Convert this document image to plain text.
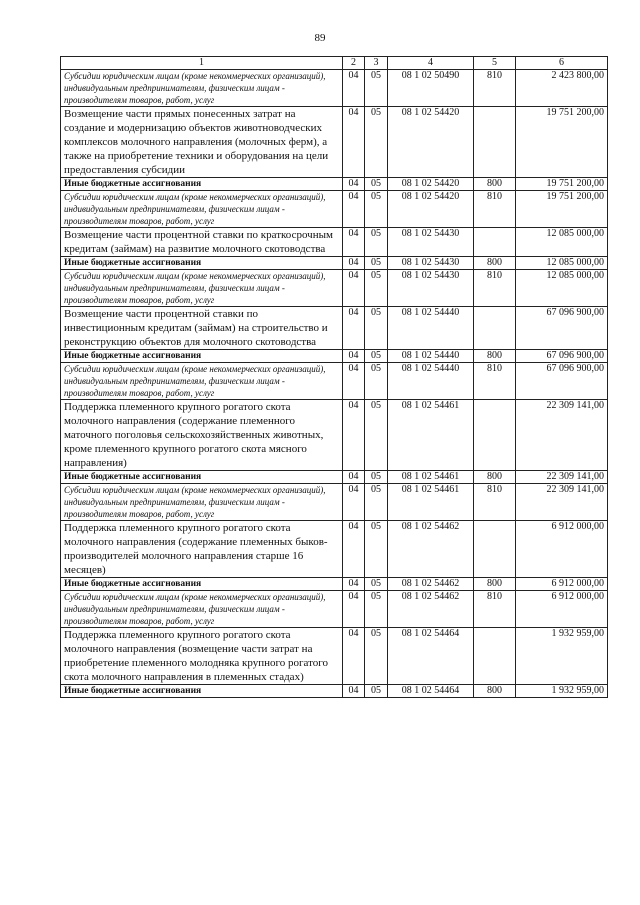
89
1	2	3	4	5	6
Субсидии юридическим лицам (кроме некоммерческих организаций), индивидуальным предпринимателям, физическим лицам - производителям товаров, работ, услуг	04	05	08 1 02 50490	810	2 423 800,00
Возмещение части прямых понесенных затрат на создание и модернизацию объектов животноводческих комплексов молочного направления (молочных ферм), а также на приобретение техники и оборудования на цели предоставления субсидии	04	05	08 1 02 54420		19 751 200,00
Иные бюджетные ассигнования	04	05	08 1 02 54420	800	19 751 200,00
Субсидии юридическим лицам (кроме некоммерческих организаций), индивидуальным предпринимателям, физическим лицам - производителям товаров, работ, услуг	04	05	08 1 02 54420	810	19 751 200,00
Возмещение части процентной ставки по краткосрочным кредитам (займам) на развитие молочного скотоводства	04	05	08 1 02 54430		12 085 000,00
Иные бюджетные ассигнования	04	05	08 1 02 54430	800	12 085 000,00
Субсидии юридическим лицам (кроме некоммерческих организаций), индивидуальным предпринимателям, физическим лицам - производителям товаров, работ, услуг	04	05	08 1 02 54430	810	12 085 000,00
Возмещение части процентной ставки по инвестиционным кредитам (займам) на строительство и реконструкцию объектов для молочного скотоводства	04	05	08 1 02 54440		67 096 900,00
Иные бюджетные ассигнования	04	05	08 1 02 54440	800	67 096 900,00
Субсидии юридическим лицам (кроме некоммерческих организаций), индивидуальным предпринимателям, физическим лицам - производителям товаров, работ, услуг	04	05	08 1 02 54440	810	67 096 900,00
Поддержка племенного крупного рогатого скота молочного направления (содержание племенного маточного поголовья сельскохозяйственных животных, кроме племенного крупного рогатого скота мясного направления)	04	05	08 1 02 54461		22 309 141,00
Иные бюджетные ассигнования	04	05	08 1 02 54461	800	22 309 141,00
Субсидии юридическим лицам (кроме некоммерческих организаций), индивидуальным предпринимателям, физическим лицам - производителям товаров, работ, услуг	04	05	08 1 02 54461	810	22 309 141,00
Поддержка племенного крупного рогатого скота молочного направления (содержание племенных быков-производителей молочного направления старше 16 месяцев)	04	05	08 1 02 54462		6 912 000,00
Иные бюджетные ассигнования	04	05	08 1 02 54462	800	6 912 000,00
Субсидии юридическим лицам (кроме некоммерческих организаций), индивидуальным предпринимателям, физическим лицам - производителям товаров, работ, услуг	04	05	08 1 02 54462	810	6 912 000,00
Поддержка племенного крупного рогатого скота молочного направления (возмещение части затрат на приобретение племенного молодняка крупного рогатого скота молочного направления в племенных стадах)	04	05	08 1 02 54464		1 932 959,00
Иные бюджетные ассигнования	04	05	08 1 02 54464	800	1 932 959,00
